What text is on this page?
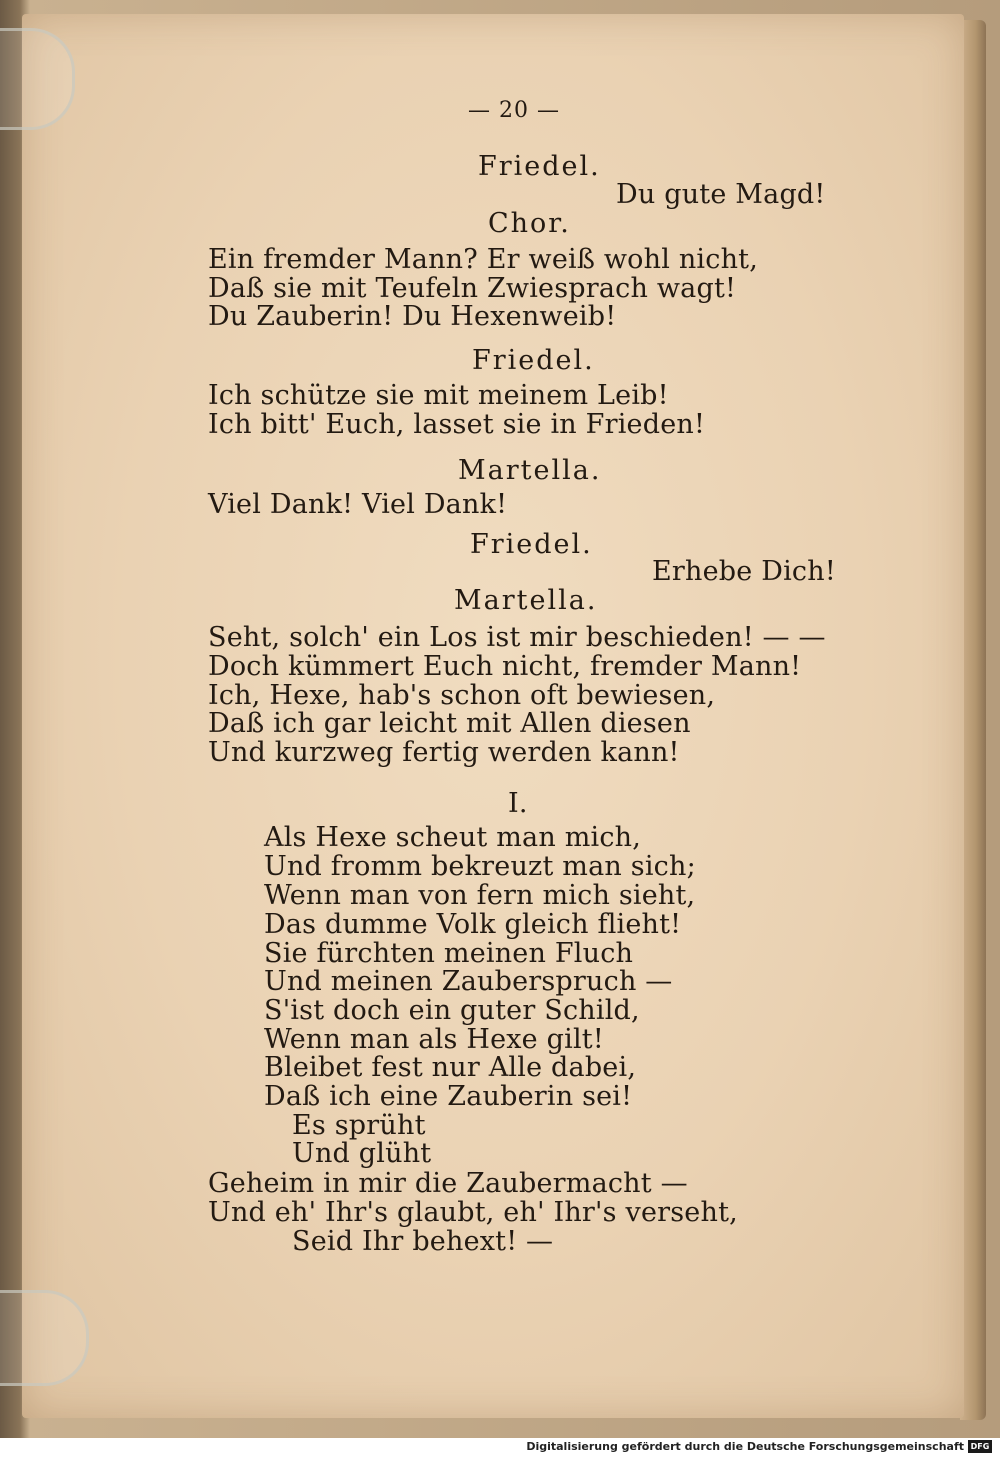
— 20 —
Friedel.
Du gute Magd!
Chor.
Ein fremder Mann? Er weiß wohl nicht,
Daß sie mit Teufeln Zwiesprach wagt!
Du Zauberin! Du Hexenweib!
Friedel.
Ich schütze sie mit meinem Leib!
Ich bitt' Euch, lasset sie in Frieden!
Martella.
Viel Dank! Viel Dank!
Friedel.
Erhebe Dich!
Martella.
Seht, solch' ein Los ist mir beschieden! — —
Doch kümmert Euch nicht, fremder Mann!
Ich, Hexe, hab's schon oft bewiesen,
Daß ich gar leicht mit Allen diesen
Und kurzweg fertig werden kann!
I.
Als Hexe scheut man mich,
Und fromm bekreuzt man sich;
Wenn man von fern mich sieht,
Das dumme Volk gleich flieht!
Sie fürchten meinen Fluch
Und meinen Zauberspruch —
S'ist doch ein guter Schild,
Wenn man als Hexe gilt!
Bleibet fest nur Alle dabei,
Daß ich eine Zauberin sei!
Es sprüht
Und glüht
Geheim in mir die Zaubermacht —
Und eh' Ihr's glaubt, eh' Ihr's verseht,
Seid Ihr behext! —
Digitalisierung gefördert durch die Deutsche Forschungsgemeinschaft DFG
